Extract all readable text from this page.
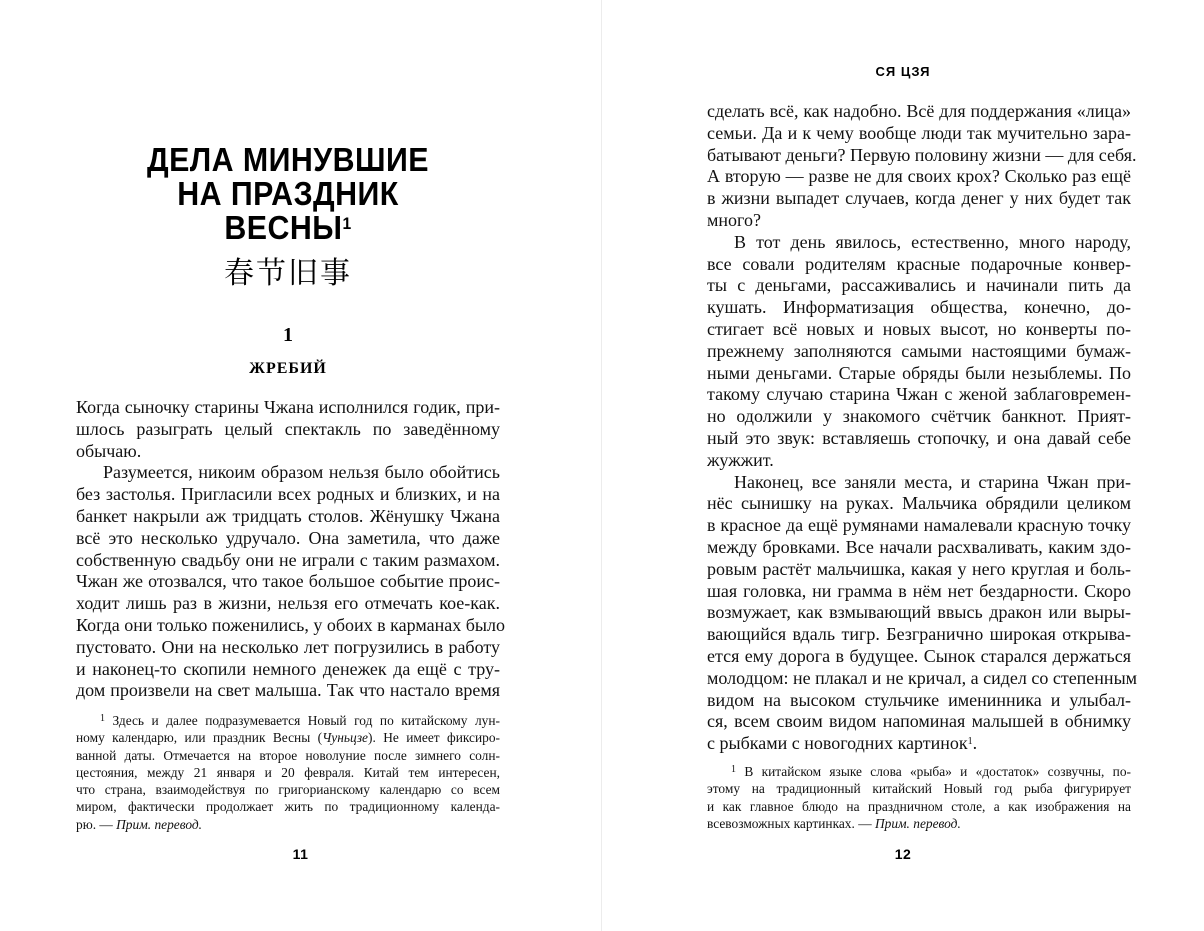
ДЕЛА МИНУВШИЕ
НА ПРАЗДНИК
ВЕСНЫ$^1$
春节旧事
1
ЖРЕБИЙ
Когда сыночку старины Чжана исполнился годик, при-
шлось разыграть целый спектакль по заведённому
обычаю.
Разумеется, никоим образом нельзя было обойтись
без застолья. Пригласили всех родных и близких, и на
банкет накрыли аж тридцать столов. Жёнушку Чжана
всё это несколько удручало. Она заметила, что даже
собственную свадьбу они не играли с таким размахом.
Чжан же отозвался, что такое большое событие проис-
ходит лишь раз в жизни, нельзя его отмечать кое-как.
Когда они только поженились, у обоих в карманах было
пустовато. Они на несколько лет погрузились в работу
и наконец-то скопили немного денежек да ещё с тру-
дом произвели на свет малыша. Так что настало время
$^1$ Здесь и далее подразумевается Новый год по китайскому лун-
ному календарю, или праздник Весны (Чуньцзе). Не имеет фиксиро-
ванной даты. Отмечается на второе новолуние после зимнего солн-
цестояния, между 21 января и 20 февраля. Китай тем интересен,
что страна, взаимодействуя по григорианскому календарю со всем
миром, фактически продолжает жить по традиционному календа-
рю. — Прим. перевод.
11
СЯ ЦЗЯ
сделать всё, как надобно. Всё для поддержания «лица»
семьи. Да и к чему вообще люди так мучительно зара-
батывают деньги? Первую половину жизни — для себя.
А вторую — разве не для своих крох? Сколько раз ещё
в жизни выпадет случаев, когда денег у них будет так
много?
В тот день явилось, естественно, много народу,
все совали родителям красные подарочные конвер-
ты с деньгами, рассаживались и начинали пить да
кушать. Информатизация общества, конечно, до-
стигает всё новых и новых высот, но конверты по-
прежнему заполняются самыми настоящими бумаж-
ными деньгами. Старые обряды были незыблемы. По
такому случаю старина Чжан с женой заблаговремен-
но одолжили у знакомого счётчик банкнот. Прият-
ный это звук: вставляешь стопочку, и она давай себе
жужжит.
Наконец, все заняли места, и старина Чжан при-
нёс сынишку на руках. Мальчика обрядили целиком
в красное да ещё румянами намалевали красную точку
между бровками. Все начали расхваливать, каким здо-
ровым растёт мальчишка, какая у него круглая и боль-
шая головка, ни грамма в нём нет бездарности. Скоро
возмужает, как взмывающий ввысь дракон или выры-
вающийся вдаль тигр. Безгранично широкая открыва-
ется ему дорога в будущее. Сынок старался держаться
молодцом: не плакал и не кричал, а сидел со степенным
видом на высоком стульчике именинника и улыбал-
ся, всем своим видом напоминая малышей в обнимку
с рыбками с новогодних картинок$^1$.
$^1$ В китайском языке слова «рыба» и «достаток» созвучны, по-
этому на традиционный китайский Новый год рыба фигурирует
и как главное блюдо на праздничном столе, а как изображения на
всевозможных картинках. — Прим. перевод.
12
